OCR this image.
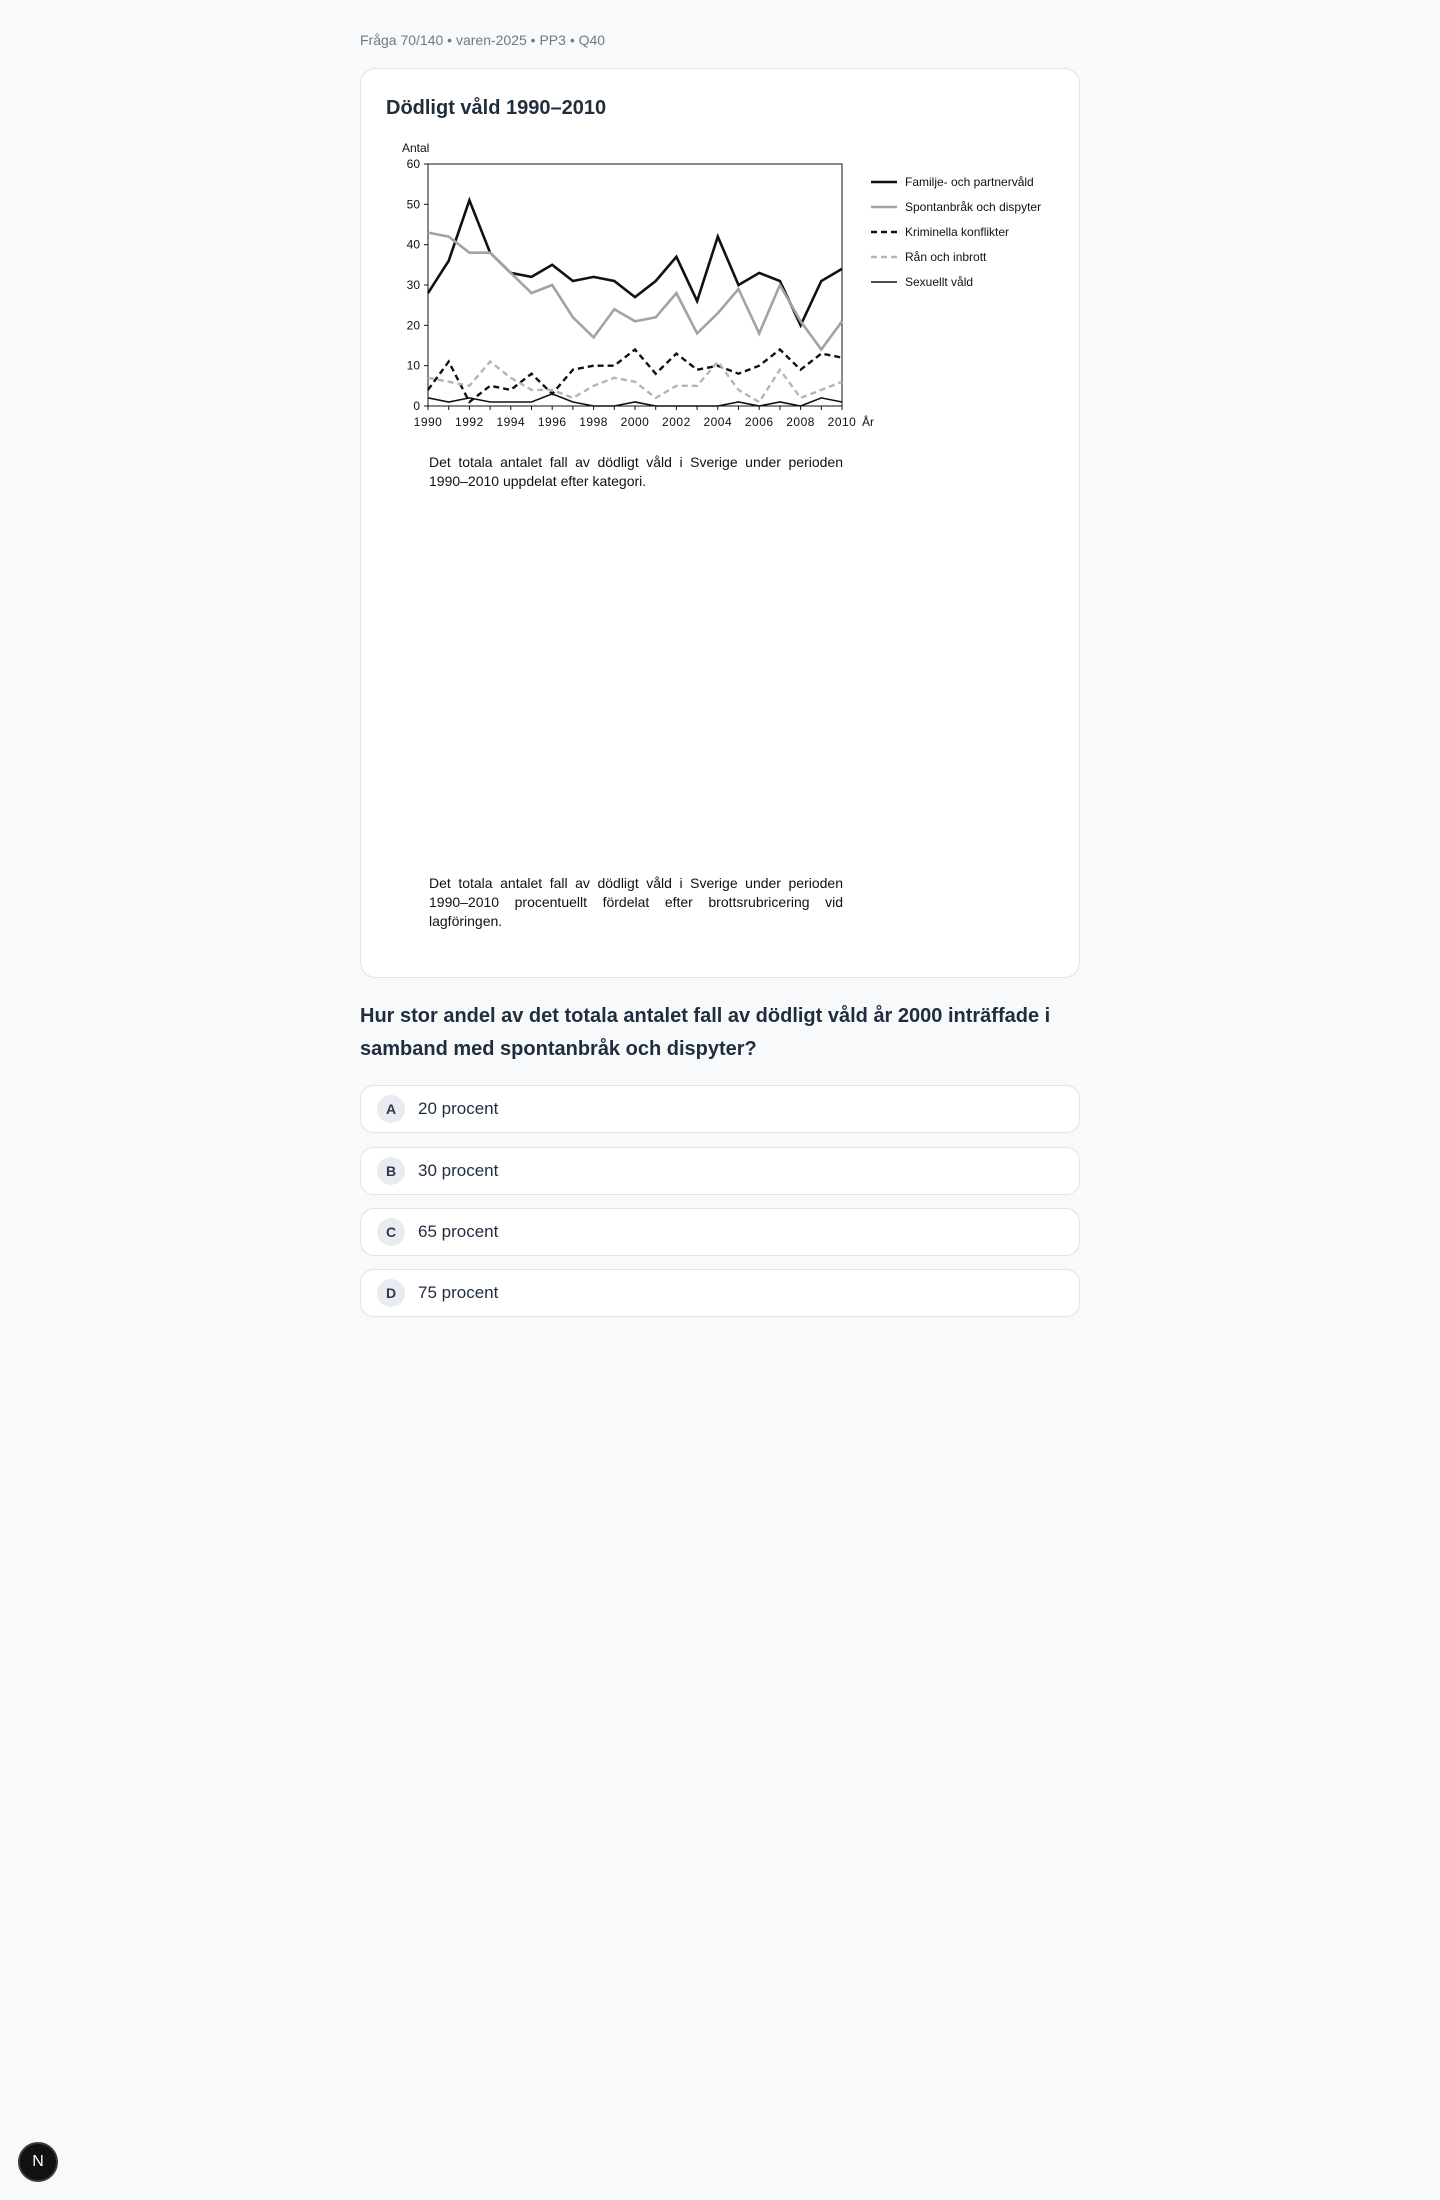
Fråga 70/140 • varen-2025 • PP3 • Q40
Dödligt våld 1990–2010
Antal
0
10
20
30
40
50
60
1990 1992 1994 1996 1998 2000 2002 2004 2006 2008 2010 År
Familje- och partnervåld
Spontanbråk och dispyter
Kriminella konflikter
Rån och inbrott
Sexuellt våld
Det totala antalet fall av dödligt våld i Sverige under perioden 1990–2010 uppdelat efter kategori.
Det totala antalet fall av dödligt våld i Sverige under perioden 1990–2010 procentuellt fördelat efter brottsrubricering vid lagföringen.
Hur stor andel av det totala antalet fall av dödligt våld år 2000 inträffade i samband med spontanbråk och dispyter?
A	20 procent
B	30 procent
C	65 procent
D	75 procent
N
